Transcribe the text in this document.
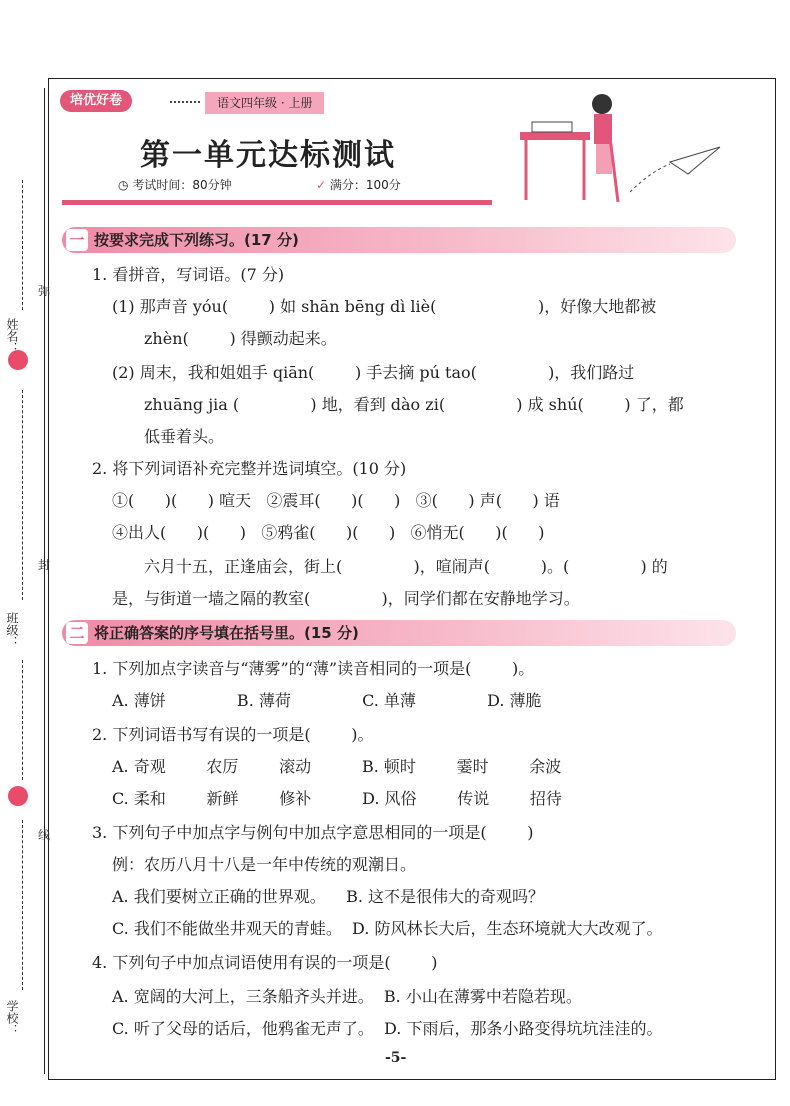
姓名：
班级：
学校：
弥
封
线
培优好卷	语文四年级 · 上册
第一单元达标测试
◷ 考试时间：80分钟	✓ 满分：100分
一 按要求完成下列练习。(17 分)
1. 看拼音，写词语。(7 分)
(1) 那声音 yóu(        ) 如 shān bēng dì liè(                    )，好像大地都被
zhèn(        ) 得颤动起来。
(2) 周末，我和姐姐手 qiān(        ) 手去摘 pú tao(              )，我们路过
zhuāng jia (              ) 地，看到 dào zi(              ) 成 shú(        ) 了，都
低垂着头。
2. 将下列词语补充完整并选词填空。(10 分)
①(      )(      ) 喧天   ②震耳(      )(      )   ③(      ) 声(      ) 语
④出人(      )(      )   ⑤鸦雀(      )(      )   ⑥悄无(      )(      )
六月十五，正逢庙会，街上(              )，喧闹声(          )。(              ) 的
是，与街道一墙之隔的教室(              )，同学们都在安静地学习。
二 将正确答案的序号填在括号里。(15 分)
1. 下列加点字读音与“薄雾”的“薄”读音相同的一项是(        )。
A. 薄饼              B. 薄荷              C. 单薄              D. 薄脆
2. 下列词语书写有误的一项是(        )。
A. 奇观        农厉        滚动          B. 顿时        霎时        余波
C. 柔和        新鲜        修补          D. 风俗        传说        招待
3. 下列句子中加点字与例句中加点字意思相同的一项是(        )
例：农历八月十八是一年中传统的观潮日。
A. 我们要树立正确的世界观。    B. 这不是很伟大的奇观吗？
C. 我们不能做坐井观天的青蛙。  D. 防风林长大后，生态环境就大大改观了。
4. 下列句子中加点词语使用有误的一项是(        )
A. 宽阔的大河上，三条船齐头并进。  B. 小山在薄雾中若隐若现。
C. 听了父母的话后，他鸦雀无声了。  D. 下雨后，那条小路变得坑坑洼洼的。
-5-
